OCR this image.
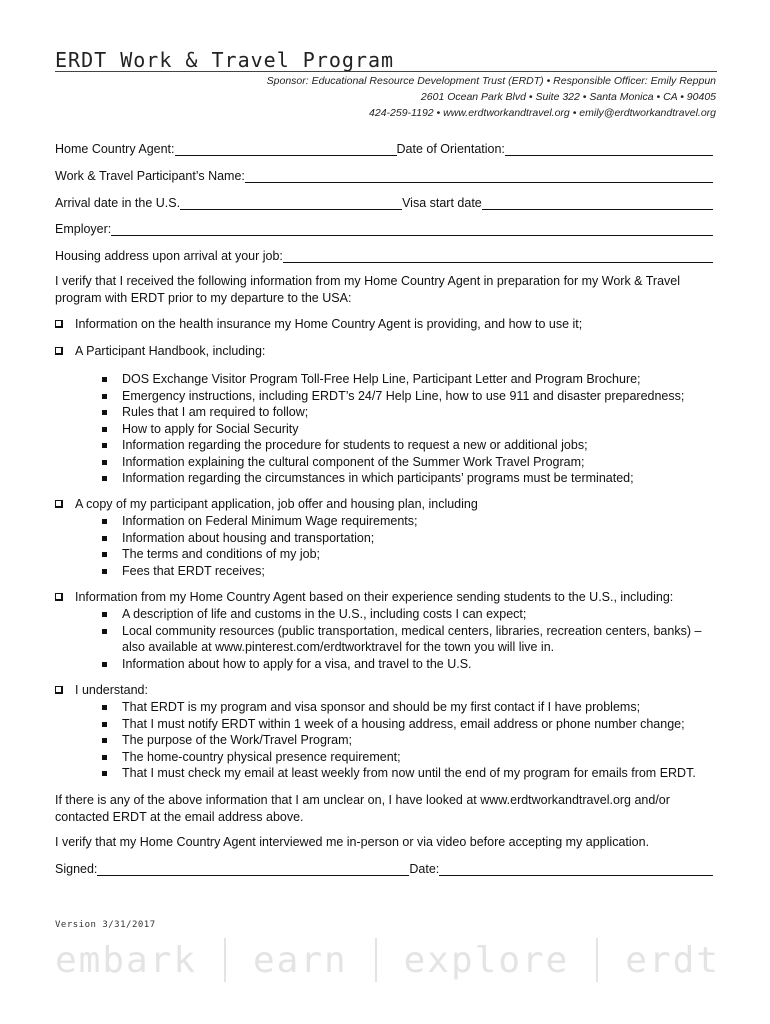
ERDT Work & Travel Program
Sponsor: Educational Resource Development Trust (ERDT) • Responsible Officer: Emily Reppun
2601 Ocean Park Blvd • Suite 322 • Santa Monica • CA • 90405
424-259-1192 • www.erdtworkandtravel.org • emily@erdtworkandtravel.org
Home Country Agent:	Date of Orientation:
Work & Travel Participant’s Name:
Arrival date in the U.S.	Visa start date
Employer:
Housing address upon arrival at your job:
I verify that I received the following information from my Home Country Agent in preparation for my Work & Travel program with ERDT prior to my departure to the USA:
Information on the health insurance my Home Country Agent is providing, and how to use it;
A Participant Handbook, including:
DOS Exchange Visitor Program Toll-Free Help Line, Participant Letter and Program Brochure;
Emergency instructions, including ERDT’s 24/7 Help Line, how to use 911 and disaster preparedness;
Rules that I am required to follow;
How to apply for Social Security
Information regarding the procedure for students to request a new or additional jobs;
Information explaining the cultural component of the Summer Work Travel Program;
Information regarding the circumstances in which participants’ programs must be terminated;
A copy of my participant application, job offer and housing plan, including
Information on Federal Minimum Wage requirements;
Information about housing and transportation;
The terms and conditions of my job;
Fees that ERDT receives;
Information from my Home Country Agent based on their experience sending students to the U.S., including:
A description of life and customs in the U.S., including costs I can expect;
Local community resources (public transportation, medical centers, libraries, recreation centers, banks) – also available at www.pinterest.com/erdtworktravel for the town you will live in.
Information about how to apply for a visa, and travel to the U.S.
I understand:
That ERDT is my program and visa sponsor and should be my first contact if I have problems;
That I must notify ERDT within 1 week of a housing address, email address or phone number change;
The purpose of the Work/Travel Program;
The home-country physical presence requirement;
That I must check my email at least weekly from now until the end of my program for emails from ERDT.
If there is any of the above information that I am unclear on, I have looked at www.erdtworkandtravel.org and/or contacted ERDT at the email address above.
I verify that my Home Country Agent interviewed me in-person or via video before accepting my application.
Signed:	Date:
Version 3/31/2017
embark earn explore erdt
